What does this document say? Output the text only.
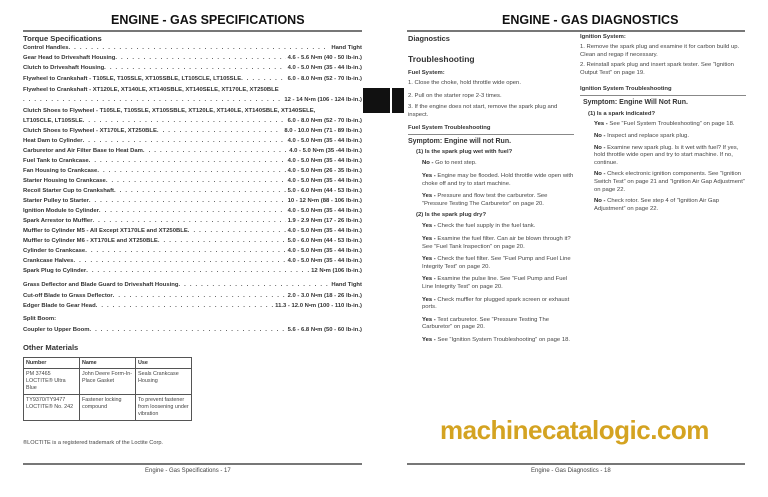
ENGINE - GAS SPECIFICATIONS
Torque Specifications
Control Handles . . .	Hand Tight
Gear Head to Driveshaft Housing . . .	4.6 - 5.6 N•m (40 - 50 lb-in.)
Clutch to Driveshaft Housing . . .	4.0 - 5.0 N•m (35 - 44 lb-in.)
Flywheel to Crankshaft - T105LE, T105SLE, XT105SBLE, LT105CLE, LT105SLE . . .	6.0 - 8.0 N•m (52 - 70 lb-in.)
Flywheel to Crankshaft - XT120LE, XT140LE, XT140SBLE, XT140SELE, XT170LE, XT250BLE
. . .
12 - 14 N•m (106 - 124 lb-in.)
Clutch Shoes to Flywheel - T105LE, T105SLE, XT105SBLE, XT120LE, XT140LE, XT140SBLE, XT140SELE,
LT105CLE, LT105SLE . . .	6.0 - 8.0 N•m (52 - 70 lb-in.)
Clutch Shoes to Flywheel - XT170LE, XT250BLE . . .	8.0 - 10.0 N•m (71 - 89 lb-in.)
Heat Dam to Cylinder . . .	4.0 - 5.0 N•m (35 - 44 lb-in.)
Carburetor and Air Filter Base to Heat Dam . . .	4.0 - 5.0 N•m (35 -44 lb-in.)
Fuel Tank to Crankcase . . .	4.0 - 5.0 N•m (35 - 44 lb-in.)
Fan Housing to Crankcase . . .	4.0 - 5.0 N•m (26 - 35 lb-in.)
Starter Housing to Crankcase . . .	4.0 - 5.0 N•m (35 - 44 lb-in.)
Recoil Starter Cup to Crankshaft . . .	5.0 - 6.0 N•m (44 - 53 lb-in.)
Starter Pulley to Starter . . .	10 - 12 N•m (88 - 106 lb-in.)
Ignition Module to Cylinder . . .	4.0 - 5.0 N•m (35 - 44 lb-in.)
Spark Arrestor to Muffler . . .	1.9 - 2.9 N•m (17 - 26 lb-in.)
Muffler to Cylinder M5 - All Except XT170LE and XT250BLE . . .	4.0 - 5.0 N•m (35 - 44 lb-in.)
Muffler to Cylinder M6 - XT170LE and XT250BLE . . .	5.0 - 6.0 N•m (44 - 53 lb-in.)
Cylinder to Crankcase . . .	4.0 - 5.0 N•m (35 - 44 lb-in.)
Crankcase Halves . . .	4.0 - 5.0 N•m (35 - 44 lb-in.)
Spark Plug to Cylinder . . .	12 N•m (106 lb-in.)
Grass Deflector and Blade Guard to Driveshaft Housing . . .	Hand Tight
Cut-off Blade to Grass Deflector . . .	2.0 - 3.0 N•m (18 - 26 lb-in.)
Edger Blade to Gear Head . . .	11.3 - 12.0 N•m (100 - 110 lb-in.)
Coupler to Upper Boom . . .	5.6 - 6.8 N•m (50 - 60 lb-in.)
Split Boom:
Other Materials
Number	Name	Use
PM 37465 LOCTITE® Ultra Blue	John Deere Form-In-Place Gasket	Seals Crankcase Housing
TY9370/TY9477 LOCTITE® No. 242	Fastener locking compound	To prevent fastener from loosening under vibration
®LOCTITE is a registered trademark of the Loctite Corp.
Engine - Gas Specifications - 17
ENGINE - GAS DIAGNOSTICS
Diagnostics
Troubleshooting
Fuel System:
1. Close the choke, hold throttle wide open.
2. Pull on the starter rope 2-3 times.
3. If the engine does not start, remove the spark plug and inspect.
Fuel System Troubleshooting
Symptom: Engine will not Run.
(1) Is the spark plug wet with fuel?
No - Go to next step.
Yes - Engine may be flooded. Hold throttle wide open with choke off and try to start machine.
Yes - Pressure and flow test the carburetor. See “Pressure Testing The Carburetor” on page 20.
(2) Is the spark plug dry?
Yes - Check the fuel supply in the fuel tank.
Yes - Examine the fuel filter. Can air be blown through it? See “Fuel Tank Inspection” on page 20.
Yes - Check the fuel filter. See “Fuel Pump and Fuel Line Integrity Test” on page 20.
Yes - Examine the pulse line. See “Fuel Pump and Fuel Line Integrity Test” on page 20.
Yes - Check muffler for plugged spark screen or exhaust ports.
Yes - Test carburetor. See “Pressure Testing The Carburetor” on page 20.
Yes - See “Ignition System Troubleshooting” on page 18.
Ignition System:
1. Remove the spark plug and examine it for carbon build up. Clean and regap if necessary.
2. Reinstall spark plug and insert spark tester. See “Ignition Output Test” on page 19.
Ignition System Troubleshooting
Symptom: Engine Will Not Run.
(1) Is a spark indicated?
Yes - See “Fuel System Troubleshooting” on page 18.
No - Inspect and replace spark plug.
No - Examine new spark plug. Is it wet with fuel? If yes, hold throttle wide open and try to start machine. If no, continue.
No - Check electronic ignition components. See “Ignition Switch Test” on page 21 and “Ignition Air Gap Adjustment” on page 22.
No - Check rotor. See step 4 of “Ignition Air Gap Adjustment” on page 22.
Engine - Gas Diagnostics - 18
machinecatalogic.com
